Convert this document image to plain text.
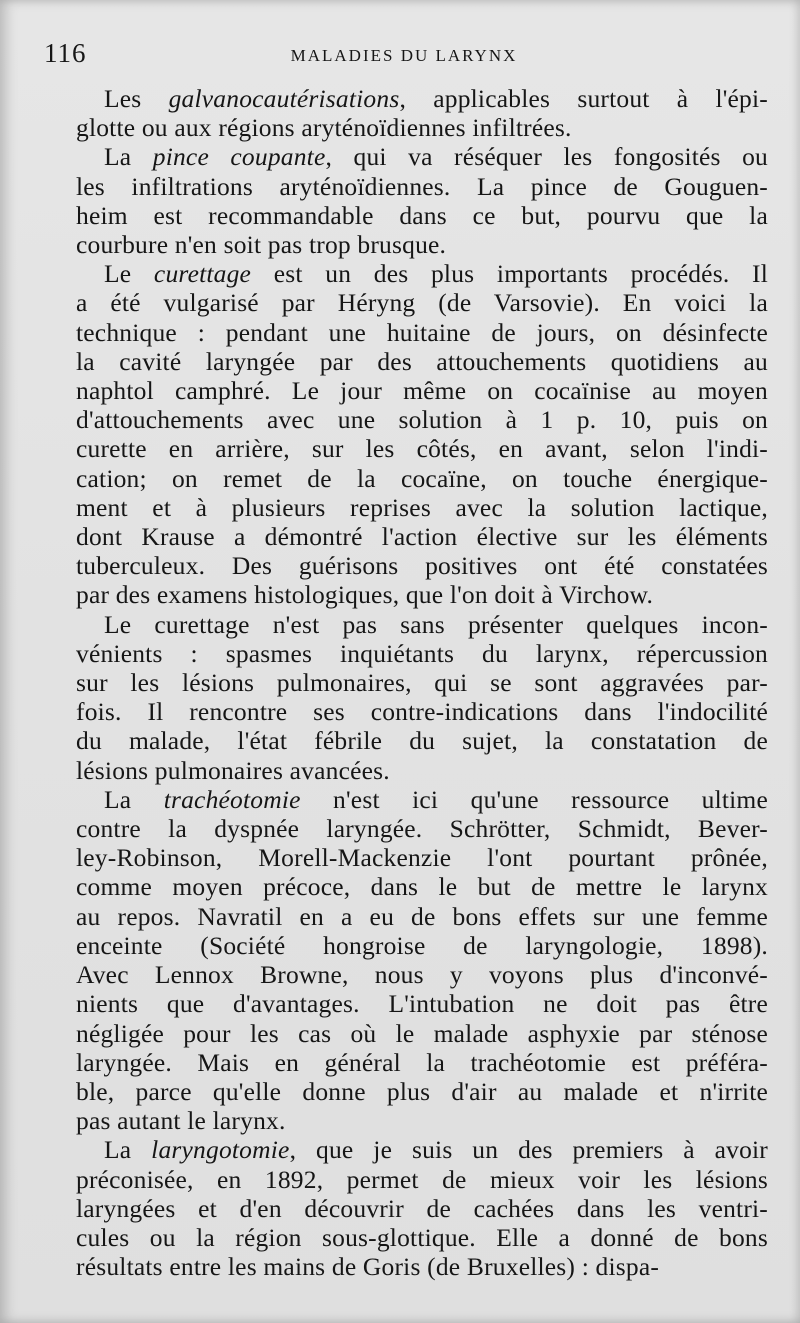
116	MALADIES DU LARYNX
Les galvanocautérisations, applicables surtout à l'épi-
glotte ou aux régions aryténoïdiennes infiltrées.
La pince coupante, qui va réséquer les fongosités ou
les infiltrations aryténoïdiennes. La pince de Gouguen-
heim est recommandable dans ce but, pourvu que la
courbure n'en soit pas trop brusque.
Le curettage est un des plus importants procédés. Il
a été vulgarisé par Héryng (de Varsovie). En voici la
technique : pendant une huitaine de jours, on désinfecte
la cavité laryngée par des attouchements quotidiens au
naphtol camphré. Le jour même on cocaïnise au moyen
d'attouchements avec une solution à 1 p. 10, puis on
curette en arrière, sur les côtés, en avant, selon l'indi-
cation; on remet de la cocaïne, on touche énergique-
ment et à plusieurs reprises avec la solution lactique,
dont Krause a démontré l'action élective sur les éléments
tuberculeux. Des guérisons positives ont été constatées
par des examens histologiques, que l'on doit à Virchow.
Le curettage n'est pas sans présenter quelques incon-
vénients : spasmes inquiétants du larynx, répercussion
sur les lésions pulmonaires, qui se sont aggravées par-
fois. Il rencontre ses contre-indications dans l'indocilité
du malade, l'état fébrile du sujet, la constatation de
lésions pulmonaires avancées.
La trachéotomie n'est ici qu'une ressource ultime
contre la dyspnée laryngée. Schrötter, Schmidt, Bever-
ley-Robinson, Morell-Mackenzie l'ont pourtant prônée,
comme moyen précoce, dans le but de mettre le larynx
au repos. Navratil en a eu de bons effets sur une femme
enceinte (Société hongroise de laryngologie, 1898).
Avec Lennox Browne, nous y voyons plus d'inconvé-
nients que d'avantages. L'intubation ne doit pas être
négligée pour les cas où le malade asphyxie par sténose
laryngée. Mais en général la trachéotomie est préféra-
ble, parce qu'elle donne plus d'air au malade et n'irrite
pas autant le larynx.
La laryngotomie, que je suis un des premiers à avoir
préconisée, en 1892, permet de mieux voir les lésions
laryngées et d'en découvrir de cachées dans les ventri-
cules ou la région sous-glottique. Elle a donné de bons
résultats entre les mains de Goris (de Bruxelles) : dispa-
